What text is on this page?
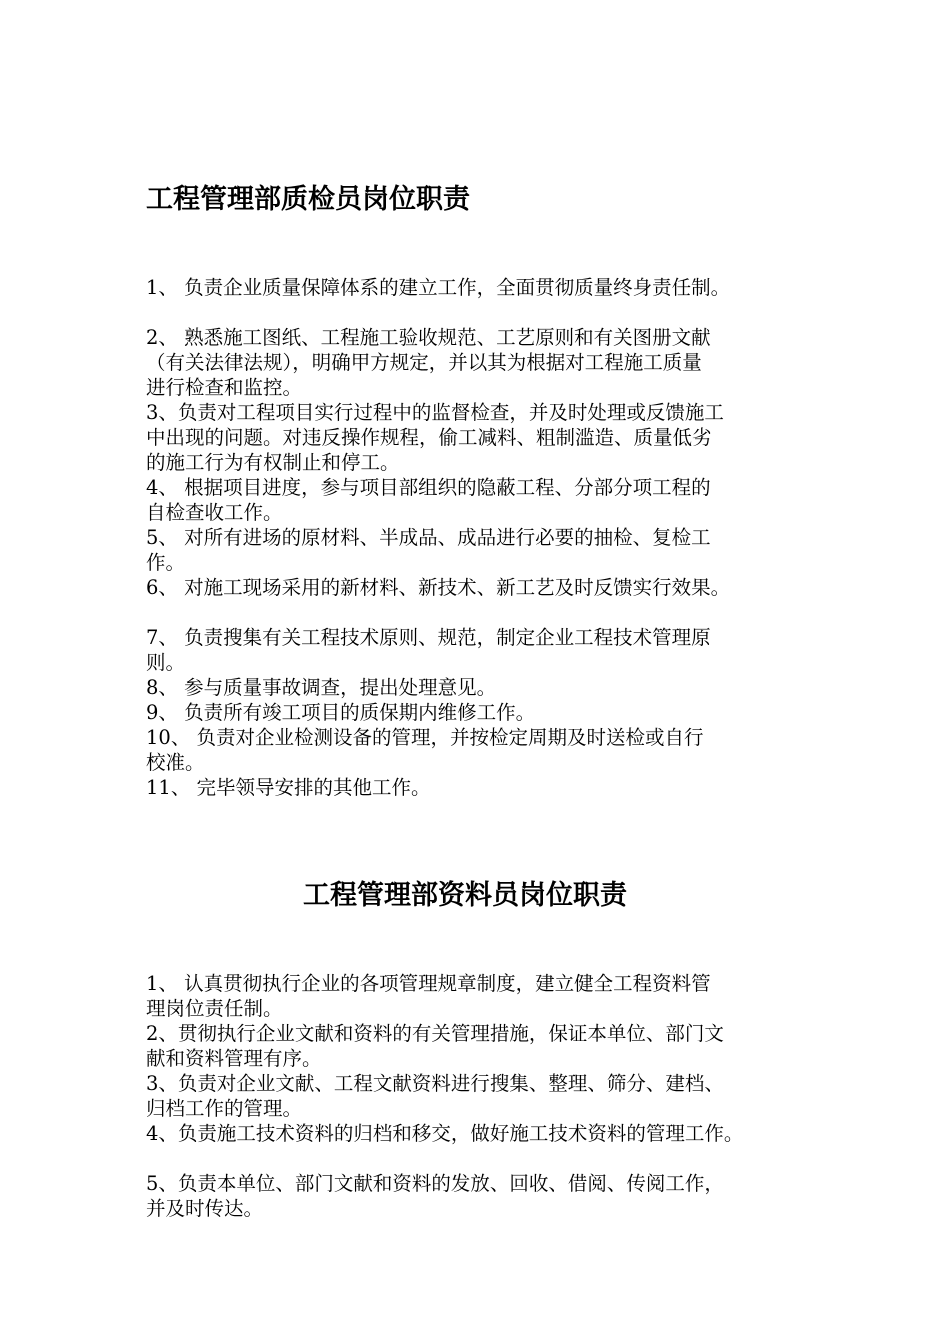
工程管理部质检员岗位职责

1、 负责企业质量保障体系的建立工作，全面贯彻质量终身责任制。

2、 熟悉施工图纸、工程施工验收规范、工艺原则和有关图册文献
（有关法律法规），明确甲方规定，并以其为根据对工程施工质量
进行检查和监控。

3、负责对工程项目实行过程中的监督检查，并及时处理或反馈施工
中出现的问题。对违反操作规程，偷工减料、粗制滥造、质量低劣
的施工行为有权制止和停工。

4、 根据项目进度，参与项目部组织的隐蔽工程、分部分项工程的
自检查收工作。

5、 对所有进场的原材料、半成品、成品进行必要的抽检、复检工
作。

6、 对施工现场采用的新材料、新技术、新工艺及时反馈实行效果。

7、 负责搜集有关工程技术原则、规范，制定企业工程技术管理原
则。

8、 参与质量事故调查，提出处理意见。

9、 负责所有竣工项目的质保期内维修工作。

10、 负责对企业检测设备的管理，并按检定周期及时送检或自行
校准。

11、 完毕领导安排的其他工作。

工程管理部资料员岗位职责

1、 认真贯彻执行企业的各项管理规章制度，建立健全工程资料管
理岗位责任制。

2、贯彻执行企业文献和资料的有关管理措施，保证本单位、部门文
献和资料管理有序。

3、负责对企业文献、工程文献资料进行搜集、整理、筛分、建档、
归档工作的管理。

4、负责施工技术资料的归档和移交，做好施工技术资料的管理工作。

5、负责本单位、部门文献和资料的发放、回收、借阅、传阅工作，
并及时传达。
